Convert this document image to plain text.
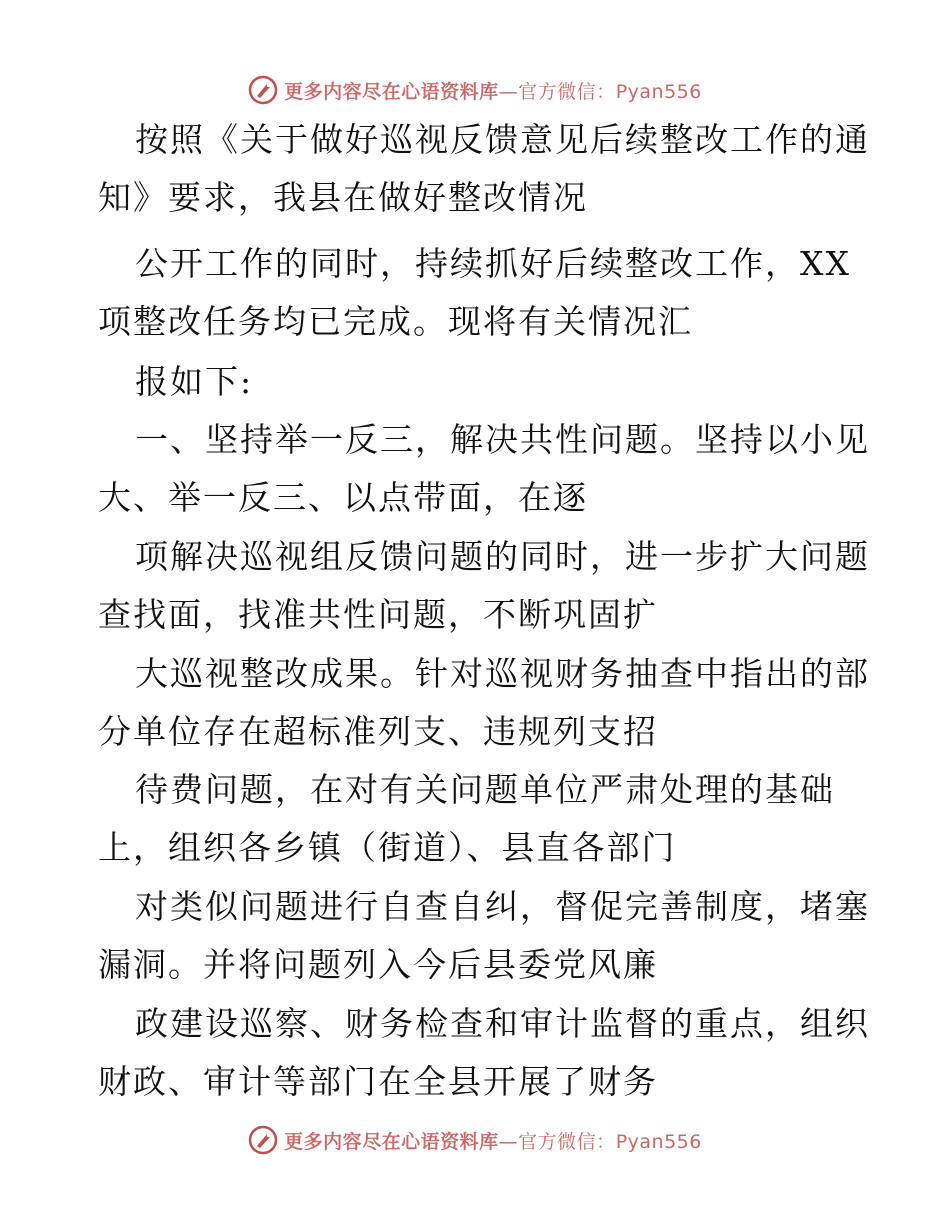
更多内容尽在心语资料库—官方微信：Pyan556
按照《关于做好巡视反馈意见后续整改工作的通
知》要求，我县在做好整改情况
公开工作的同时，持续抓好后续整改工作，XX
项整改任务均已完成。现将有关情况汇
报如下:
一、坚持举一反三，解决共性问题。坚持以小见
大、举一反三、以点带面，在逐
项解决巡视组反馈问题的同时，进一步扩大问题
查找面，找准共性问题，不断巩固扩
大巡视整改成果。针对巡视财务抽查中指出的部
分单位存在超标准列支、违规列支招
待费问题，在对有关问题单位严肃处理的基础
上，组织各乡镇（街道）、县直各部门
对类似问题进行自查自纠，督促完善制度，堵塞
漏洞。并将问题列入今后县委党风廉
政建设巡察、财务检查和审计监督的重点，组织
财政、审计等部门在全县开展了财务
更多内容尽在心语资料库—官方微信：Pyan556
